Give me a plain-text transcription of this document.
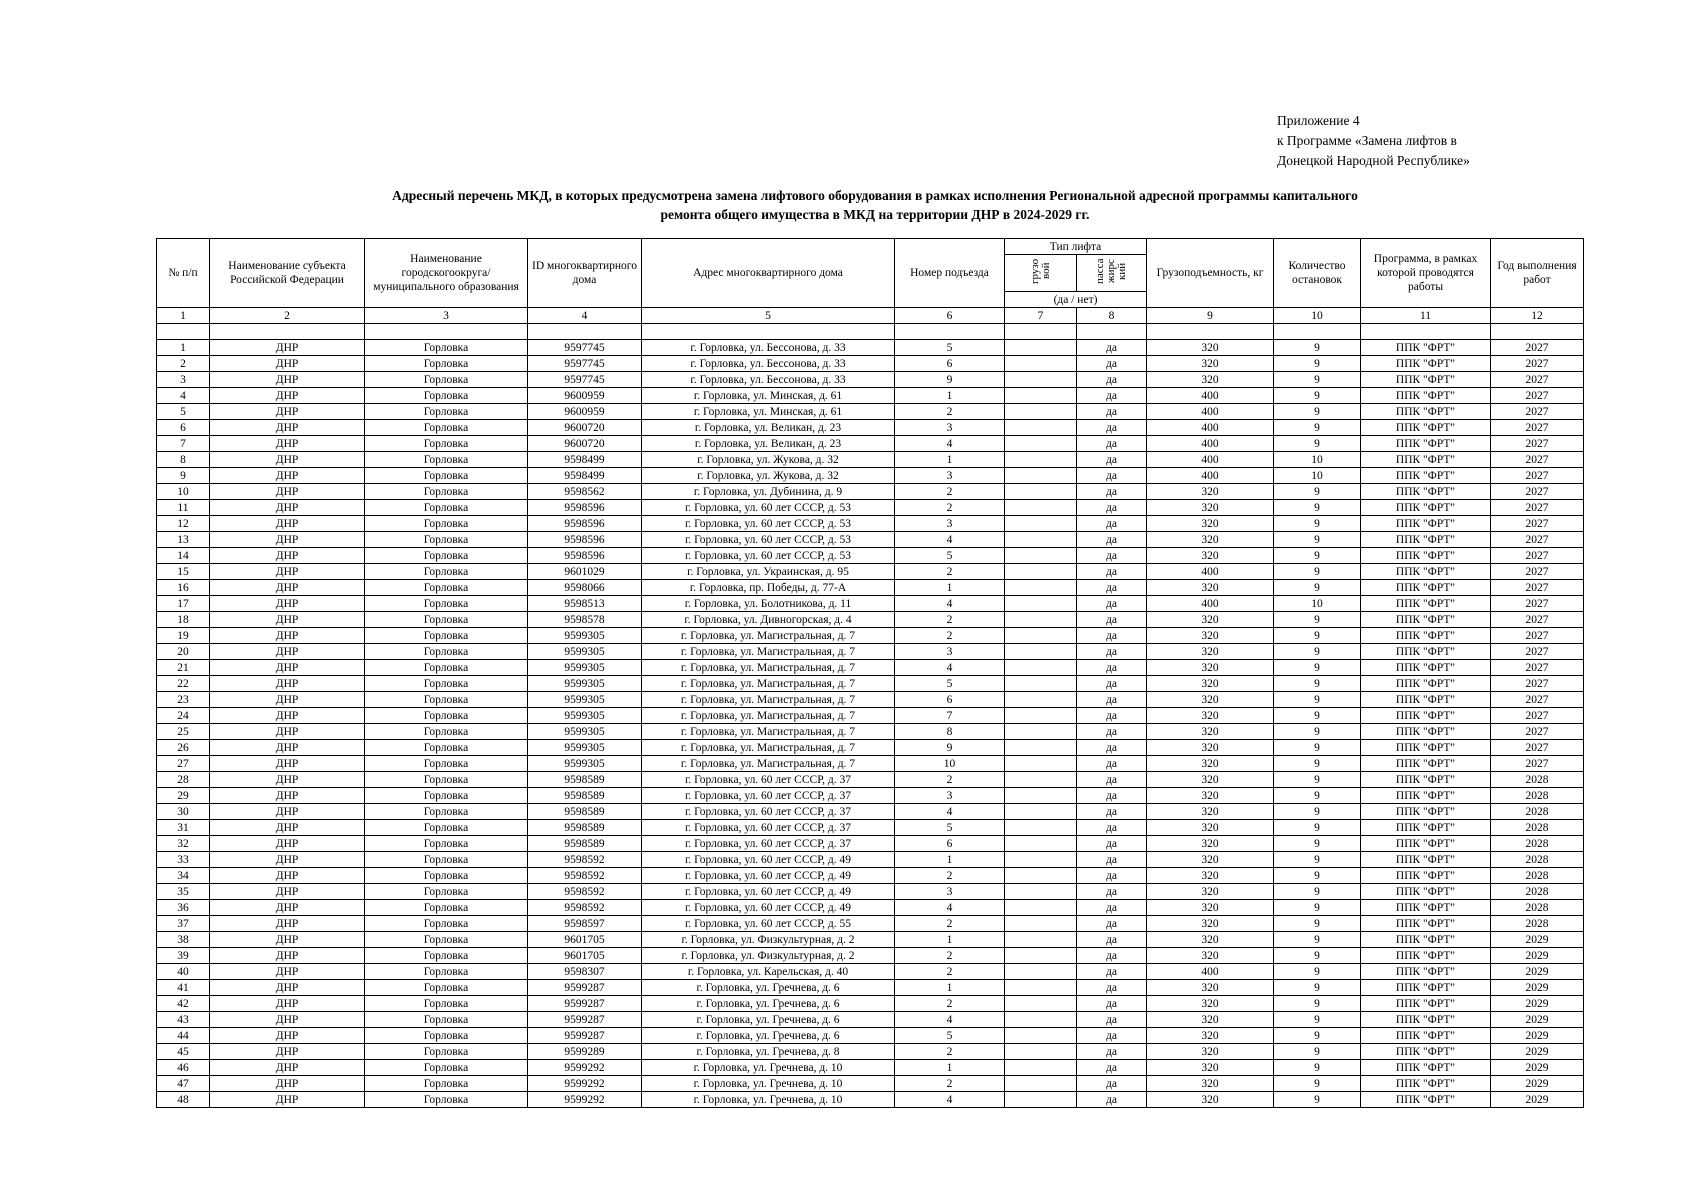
Приложение 4
к Программе «Замена лифтов в
Донецкой Народной Республике»
Адресный перечень МКД, в которых предусмотрена замена лифтового оборудования в рамках исполнения Региональной адресной программы капитального
ремонта общего имущества в МКД на территории ДНР в 2024-2029 гг.
№ п/п	Наименование субъекта Российской Федерации	Наименование городскогоокруга/муниципального образования	ID многоквартирного дома	Адрес многоквартирного дома	Номер подъезда	Тип лифта		Грузоподъемность, кг	Количество остановок	Программа, в рамках которой проводятся работы	Год выполнения работ
						грузо вой	пасса жирс кий				
						(да / нет)					
1	2	3	4	5	6	7	8	9	10	11	12

1	ДНР	Горловка	9597745	г. Горловка, ул. Бессонова, д. 33	5		да	320	9	ППК "ФРТ"	2027
2	ДНР	Горловка	9597745	г. Горловка, ул. Бессонова, д. 33	6		да	320	9	ППК "ФРТ"	2027
3	ДНР	Горловка	9597745	г. Горловка, ул. Бессонова, д. 33	9		да	320	9	ППК "ФРТ"	2027
4	ДНР	Горловка	9600959	г. Горловка, ул. Минская, д. 61	1		да	400	9	ППК "ФРТ"	2027
5	ДНР	Горловка	9600959	г. Горловка, ул. Минская, д. 61	2		да	400	9	ППК "ФРТ"	2027
6	ДНР	Горловка	9600720	г. Горловка, ул. Великан, д. 23	3		да	400	9	ППК "ФРТ"	2027
7	ДНР	Горловка	9600720	г. Горловка, ул. Великан, д. 23	4		да	400	9	ППК "ФРТ"	2027
8	ДНР	Горловка	9598499	г. Горловка, ул. Жукова, д. 32	1		да	400	10	ППК "ФРТ"	2027
9	ДНР	Горловка	9598499	г. Горловка, ул. Жукова, д. 32	3		да	400	10	ППК "ФРТ"	2027
10	ДНР	Горловка	9598562	г. Горловка, ул. Дубинина, д. 9	2		да	320	9	ППК "ФРТ"	2027
11	ДНР	Горловка	9598596	г. Горловка, ул. 60 лет СССР, д. 53	2		да	320	9	ППК "ФРТ"	2027
12	ДНР	Горловка	9598596	г. Горловка, ул. 60 лет СССР, д. 53	3		да	320	9	ППК "ФРТ"	2027
13	ДНР	Горловка	9598596	г. Горловка, ул. 60 лет СССР, д. 53	4		да	320	9	ППК "ФРТ"	2027
14	ДНР	Горловка	9598596	г. Горловка, ул. 60 лет СССР, д. 53	5		да	320	9	ППК "ФРТ"	2027
15	ДНР	Горловка	9601029	г. Горловка, ул. Украинская, д. 95	2		да	400	9	ППК "ФРТ"	2027
16	ДНР	Горловка	9598066	г. Горловка, пр. Победы, д. 77-А	1		да	320	9	ППК "ФРТ"	2027
17	ДНР	Горловка	9598513	г. Горловка, ул. Болотникова, д. 11	4		да	400	10	ППК "ФРТ"	2027
18	ДНР	Горловка	9598578	г. Горловка, ул. Дивногорская, д. 4	2		да	320	9	ППК "ФРТ"	2027
19	ДНР	Горловка	9599305	г. Горловка, ул. Магистральная, д. 7	2		да	320	9	ППК "ФРТ"	2027
20	ДНР	Горловка	9599305	г. Горловка, ул. Магистральная, д. 7	3		да	320	9	ППК "ФРТ"	2027
21	ДНР	Горловка	9599305	г. Горловка, ул. Магистральная, д. 7	4		да	320	9	ППК "ФРТ"	2027
22	ДНР	Горловка	9599305	г. Горловка, ул. Магистральная, д. 7	5		да	320	9	ППК "ФРТ"	2027
23	ДНР	Горловка	9599305	г. Горловка, ул. Магистральная, д. 7	6		да	320	9	ППК "ФРТ"	2027
24	ДНР	Горловка	9599305	г. Горловка, ул. Магистральная, д. 7	7		да	320	9	ППК "ФРТ"	2027
25	ДНР	Горловка	9599305	г. Горловка, ул. Магистральная, д. 7	8		да	320	9	ППК "ФРТ"	2027
26	ДНР	Горловка	9599305	г. Горловка, ул. Магистральная, д. 7	9		да	320	9	ППК "ФРТ"	2027
27	ДНР	Горловка	9599305	г. Горловка, ул. Магистральная, д. 7	10		да	320	9	ППК "ФРТ"	2027
28	ДНР	Горловка	9598589	г. Горловка, ул. 60 лет СССР, д. 37	2		да	320	9	ППК "ФРТ"	2028
29	ДНР	Горловка	9598589	г. Горловка, ул. 60 лет СССР, д. 37	3		да	320	9	ППК "ФРТ"	2028
30	ДНР	Горловка	9598589	г. Горловка, ул. 60 лет СССР, д. 37	4		да	320	9	ППК "ФРТ"	2028
31	ДНР	Горловка	9598589	г. Горловка, ул. 60 лет СССР, д. 37	5		да	320	9	ППК "ФРТ"	2028
32	ДНР	Горловка	9598589	г. Горловка, ул. 60 лет СССР, д. 37	6		да	320	9	ППК "ФРТ"	2028
33	ДНР	Горловка	9598592	г. Горловка, ул. 60 лет СССР, д. 49	1		да	320	9	ППК "ФРТ"	2028
34	ДНР	Горловка	9598592	г. Горловка, ул. 60 лет СССР, д. 49	2		да	320	9	ППК "ФРТ"	2028
35	ДНР	Горловка	9598592	г. Горловка, ул. 60 лет СССР, д. 49	3		да	320	9	ППК "ФРТ"	2028
36	ДНР	Горловка	9598592	г. Горловка, ул. 60 лет СССР, д. 49	4		да	320	9	ППК "ФРТ"	2028
37	ДНР	Горловка	9598597	г. Горловка, ул. 60 лет СССР, д. 55	2		да	320	9	ППК "ФРТ"	2028
38	ДНР	Горловка	9601705	г. Горловка, ул. Физкультурная, д. 2	1		да	320	9	ППК "ФРТ"	2029
39	ДНР	Горловка	9601705	г. Горловка, ул. Физкультурная, д. 2	2		да	320	9	ППК "ФРТ"	2029
40	ДНР	Горловка	9598307	г. Горловка, ул. Карельская, д. 40	2		да	400	9	ППК "ФРТ"	2029
41	ДНР	Горловка	9599287	г. Горловка, ул. Гречнева, д. 6	1		да	320	9	ППК "ФРТ"	2029
42	ДНР	Горловка	9599287	г. Горловка, ул. Гречнева, д. 6	2		да	320	9	ППК "ФРТ"	2029
43	ДНР	Горловка	9599287	г. Горловка, ул. Гречнева, д. 6	4		да	320	9	ППК "ФРТ"	2029
44	ДНР	Горловка	9599287	г. Горловка, ул. Гречнева, д. 6	5		да	320	9	ППК "ФРТ"	2029
45	ДНР	Горловка	9599289	г. Горловка, ул. Гречнева, д. 8	2		да	320	9	ППК "ФРТ"	2029
46	ДНР	Горловка	9599292	г. Горловка, ул. Гречнева, д. 10	1		да	320	9	ППК "ФРТ"	2029
47	ДНР	Горловка	9599292	г. Горловка, ул. Гречнева, д. 10	2		да	320	9	ППК "ФРТ"	2029
48	ДНР	Горловка	9599292	г. Горловка, ул. Гречнева, д. 10	4		да	320	9	ППК "ФРТ"	2029
